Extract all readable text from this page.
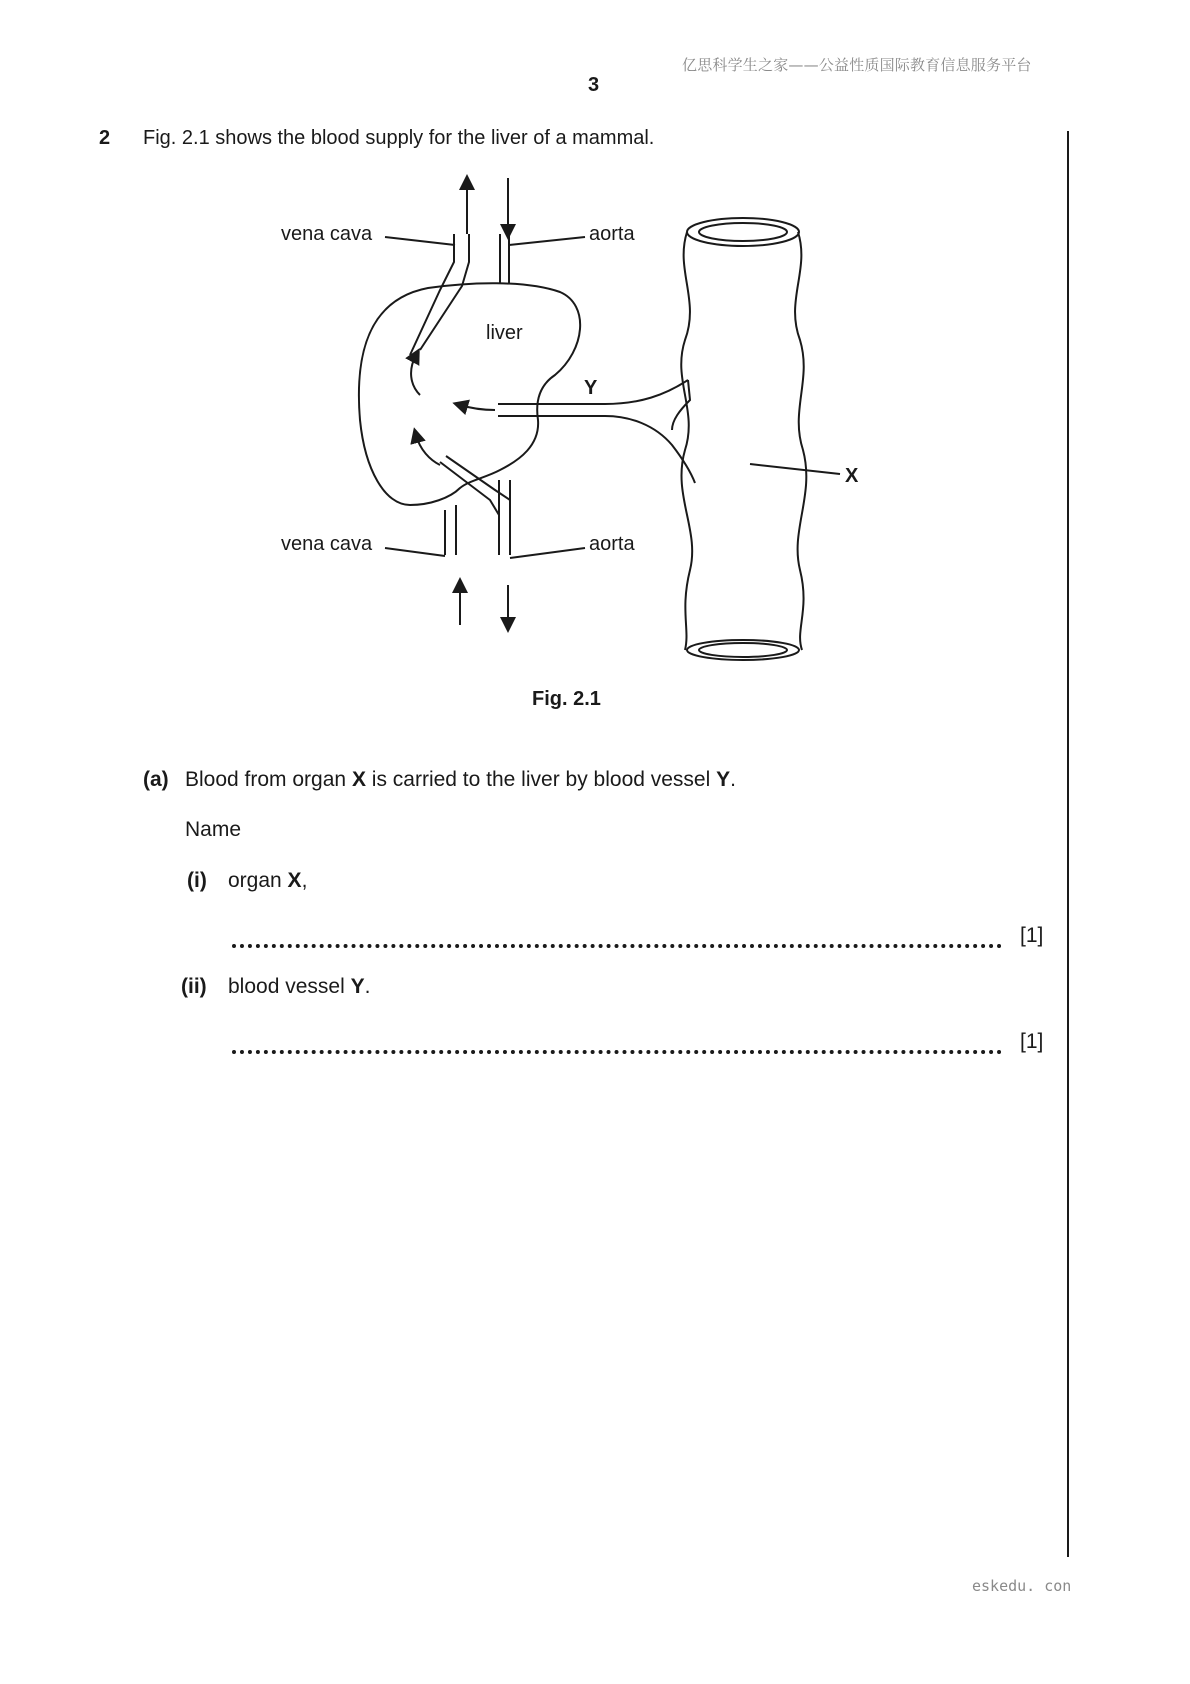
亿思科学生之家——公益性质国际教育信息服务平台
3
2 Fig. 2.1 shows the blood supply for the liver of a mammal.
vena cava	aorta
liver
Y
X
vena cava	aorta
Fig. 2.1
(a) Blood from organ X is carried to the liver by blood vessel Y.
Name
(i) organ X,
[1]
(ii) blood vessel Y.
[1]
eskedu. con
